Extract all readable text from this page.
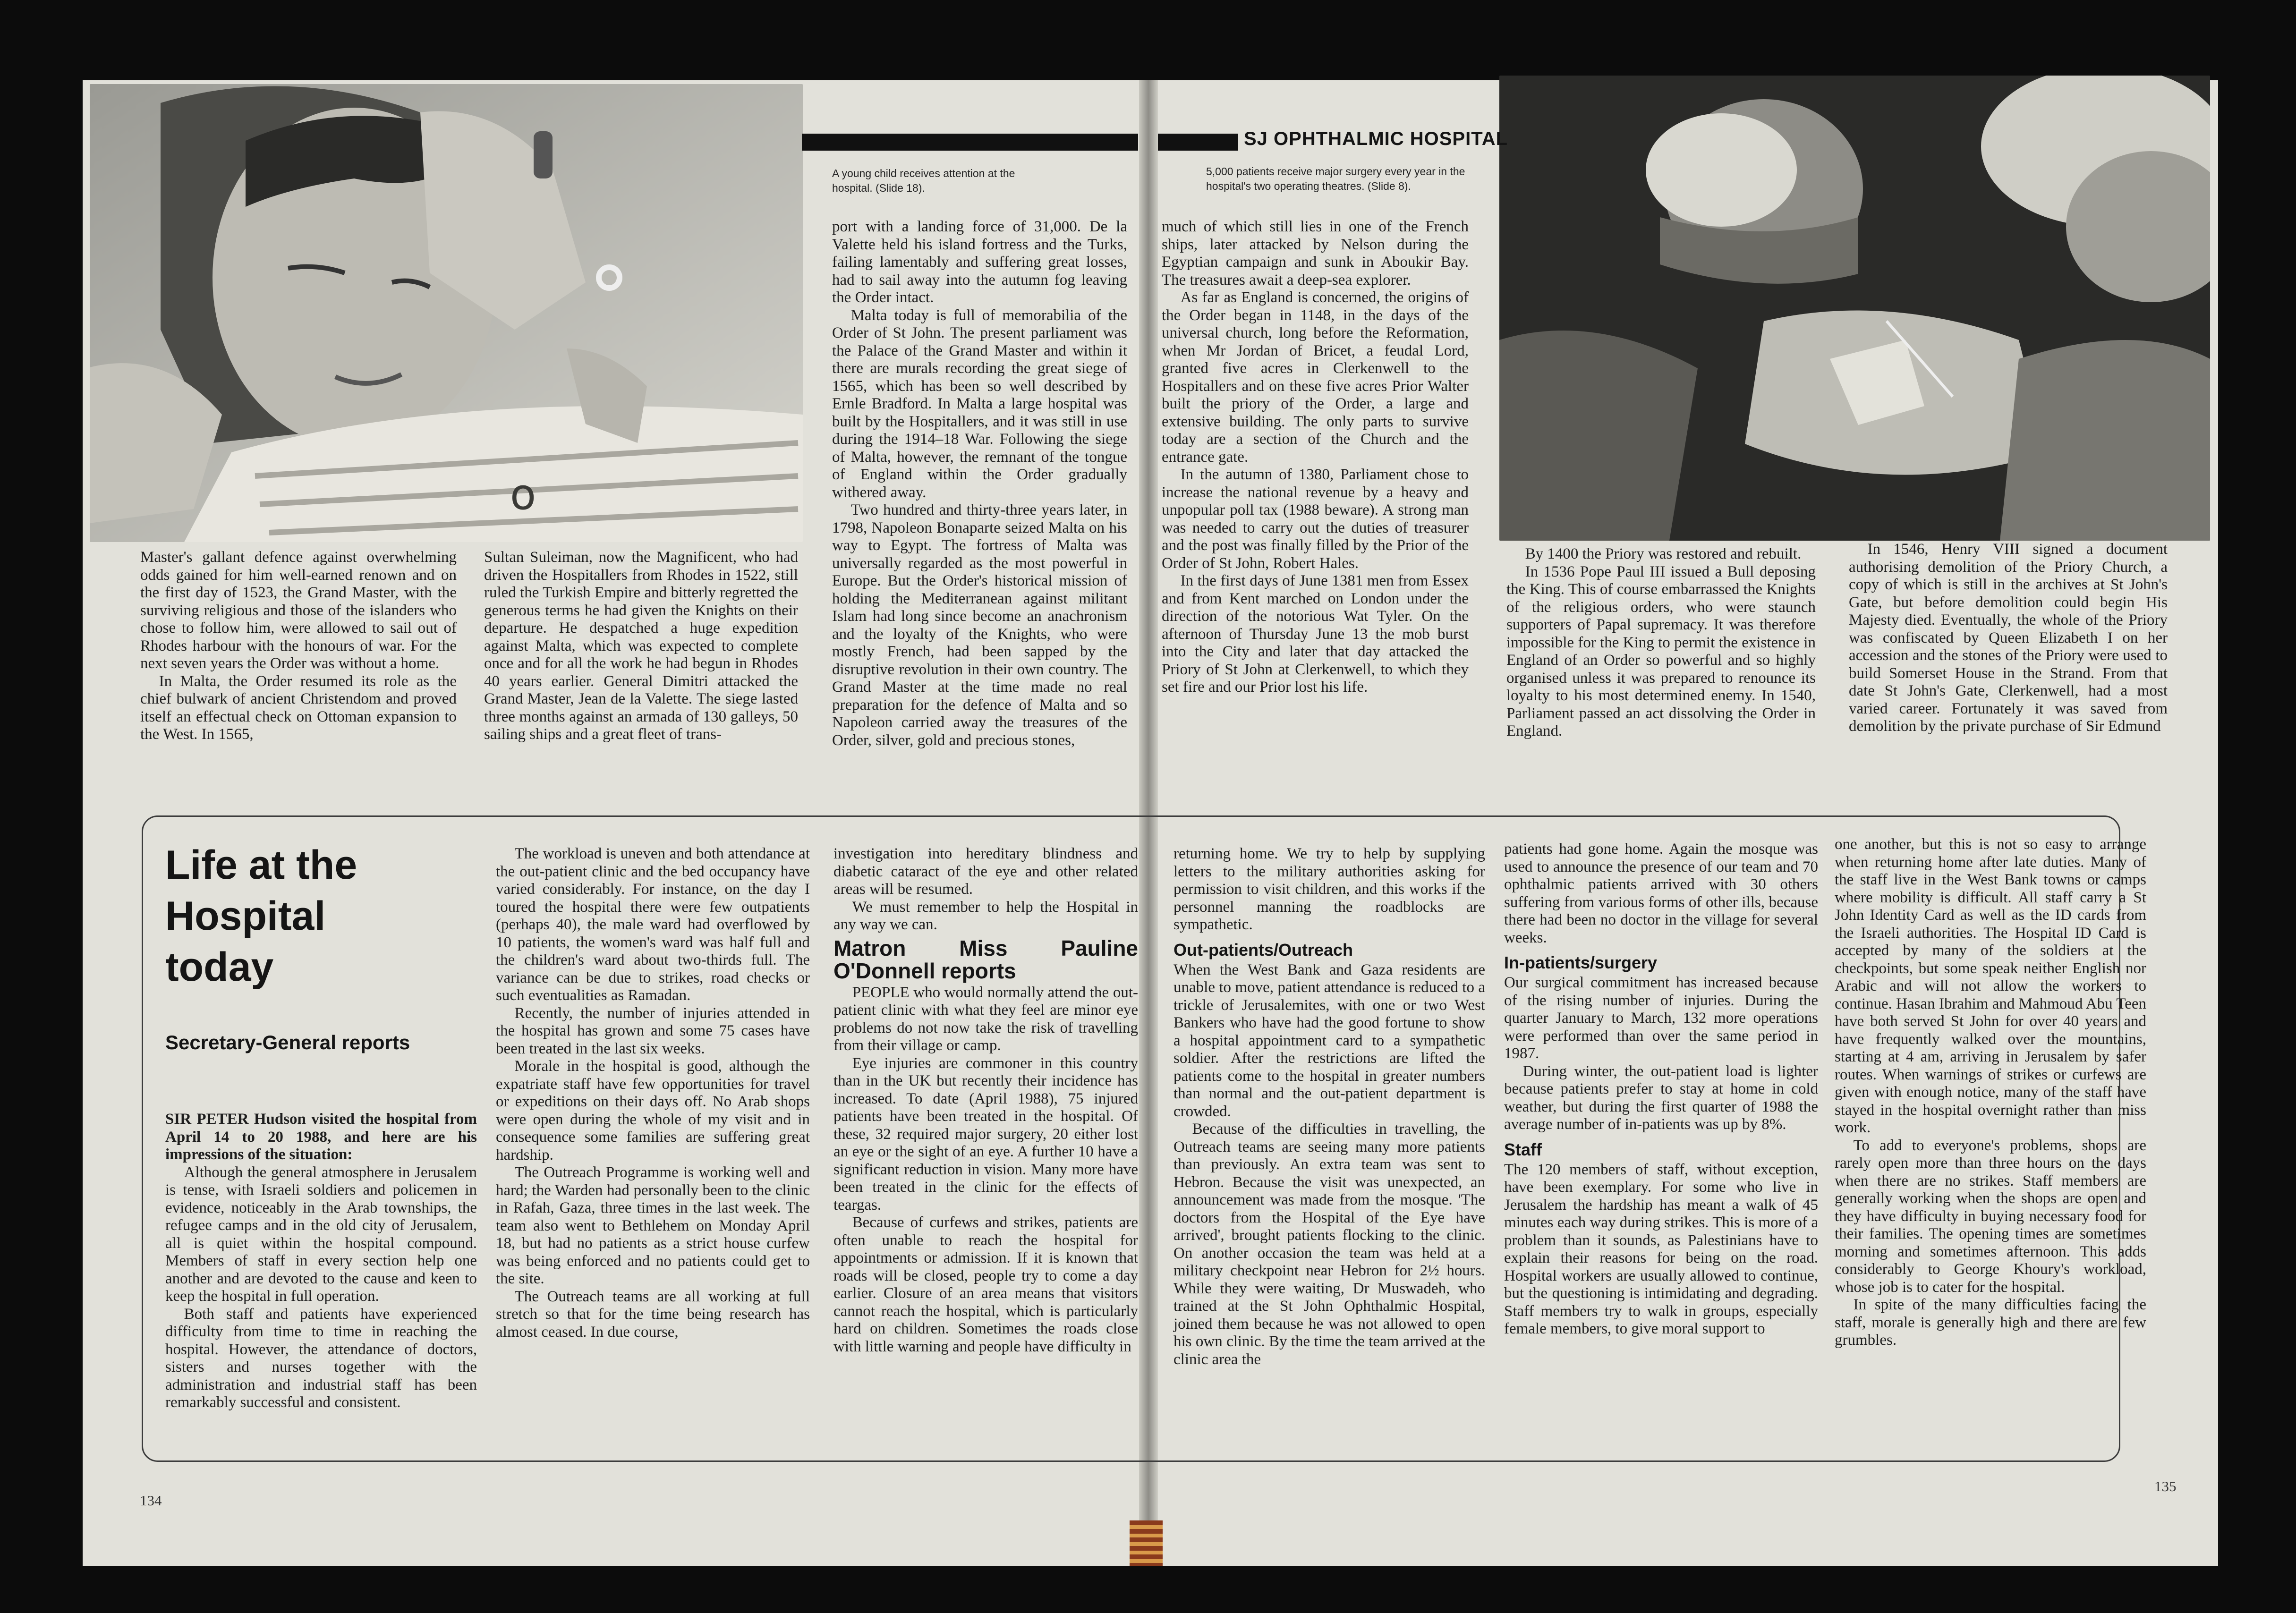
o
A young child receives attention at the hospital. (Slide 18).
SJ OPHTHALMIC HOSPITAL
5,000 patients receive major surgery every year in the hospital's two operating theatres. (Slide 8).

Master's gallant defence against overwhelming odds gained for him well-earned renown and on the first day of 1523, the Grand Master, with the surviving religious and those of the islanders who chose to follow him, were allowed to sail out of Rhodes harbour with the honours of war. For the next seven years the Order was without a home.

In Malta, the Order resumed its role as the chief bulwark of ancient Christendom and proved itself an effectual check on Ottoman expansion to the West. In 1565,

Sultan Suleiman, now the Magnificent, who had driven the Hospitallers from Rhodes in 1522, still ruled the Turkish Empire and bitterly regretted the generous terms he had given the Knights on their departure. He despatched a huge expedition against Malta, which was expected to complete once and for all the work he had begun in Rhodes 40 years earlier. General Dimitri attacked the Grand Master, Jean de la Valette. The siege lasted three months against an armada of 130 galleys, 50 sailing ships and a great fleet of trans-

port with a landing force of 31,000. De la Valette held his island fortress and the Turks, failing lamentably and suffering great losses, had to sail away into the autumn fog leaving the Order intact.

Malta today is full of memorabilia of the Order of St John. The present parliament was the Palace of the Grand Master and within it there are murals recording the great siege of 1565, which has been so well described by Ernle Bradford. In Malta a large hospital was built by the Hospitallers, and it was still in use during the 1914–18 War. Following the siege of Malta, however, the remnant of the tongue of England within the Order gradually withered away.

Two hundred and thirty-three years later, in 1798, Napoleon Bonaparte seized Malta on his way to Egypt. The fortress of Malta was universally regarded as the most powerful in Europe. But the Order's historical mission of holding the Mediterranean against militant Islam had long since become an anachronism and the loyalty of the Knights, who were mostly French, had been sapped by the disruptive revolution in their own country. The Grand Master at the time made no real preparation for the defence of Malta and so Napoleon carried away the treasures of the Order, silver, gold and precious stones,

much of which still lies in one of the French ships, later attacked by Nelson during the Egyptian campaign and sunk in Aboukir Bay. The treasures await a deep-sea explorer.

As far as England is concerned, the origins of the Order began in 1148, in the days of the universal church, long before the Reformation, when Mr Jordan of Bricet, a feudal Lord, granted five acres in Clerkenwell to the Hospitallers and on these five acres Prior Walter built the priory of the Order, a large and extensive building. The only parts to survive today are a section of the Church and the entrance gate.

In the autumn of 1380, Parliament chose to increase the national revenue by a heavy and unpopular poll tax (1988 beware). A strong man was needed to carry out the duties of treasurer and the post was finally filled by the Prior of the Order of St John, Robert Hales.

In the first days of June 1381 men from Essex and from Kent marched on London under the direction of the notorious Wat Tyler. On the afternoon of Thursday June 13 the mob burst into the City and later that day attacked the Priory of St John at Clerkenwell, to which they set fire and our Prior lost his life.

By 1400 the Priory was restored and rebuilt.

In 1536 Pope Paul III issued a Bull deposing the King. This of course embarrassed the Knights of the religious orders, who were staunch supporters of Papal supremacy. It was therefore impossible for the King to permit the existence in England of an Order so powerful and so highly organised unless it was prepared to renounce its loyalty to his most determined enemy. In 1540, Parliament passed an act dissolving the Order in England.

In 1546, Henry VIII signed a document authorising demolition of the Priory Church, a copy of which is still in the archives at St John's Gate, but before demolition could begin His Majesty died. Eventually, the whole of the Priory was confiscated by Queen Elizabeth I on her accession and the stones of the Priory were used to build Somerset House in the Strand. From that date St John's Gate, Clerkenwell, had a most varied career. Fortunately it was saved from demolition by the private purchase of Sir Edmund

Life at the
Hospital
today
Secretary-General reports

SIR PETER Hudson visited the hospital from April 14 to 20 1988, and here are his impressions of the situation:

Although the general atmosphere in Jerusalem is tense, with Israeli soldiers and policemen in evidence, noticeably in the Arab townships, the refugee camps and in the old city of Jerusalem, all is quiet within the hospital compound. Members of staff in every section help one another and are devoted to the cause and keen to keep the hospital in full operation.

Both staff and patients have experienced difficulty from time to time in reaching the hospital. However, the attendance of doctors, sisters and nurses together with the administration and industrial staff has been remarkably successful and consistent.

The workload is uneven and both attendance at the out-patient clinic and the bed occupancy have varied considerably. For instance, on the day I toured the hospital there were few outpatients (perhaps 40), the male ward had overflowed by 10 patients, the women's ward was half full and the children's ward about two-thirds full. The variance can be due to strikes, road checks or such eventualities as Ramadan.

Recently, the number of injuries attended in the hospital has grown and some 75 cases have been treated in the last six weeks.

Morale in the hospital is good, although the expatriate staff have few opportunities for travel or expeditions on their days off. No Arab shops were open during the whole of my visit and in consequence some families are suffering great hardship.

The Outreach Programme is working well and hard; the Warden had personally been to the clinic in Rafah, Gaza, three times in the last week. The team also went to Bethlehem on Monday April 18, but had no patients as a strict house curfew was being enforced and no patients could get to the site.

The Outreach teams are all working at full stretch so that for the time being research has almost ceased. In due course,

investigation into hereditary blindness and diabetic cataract of the eye and other related areas will be resumed.

We must remember to help the Hospital in any way we can.

Matron Miss Pauline O'Donnell reports

PEOPLE who would normally attend the out-patient clinic with what they feel are minor eye problems do not now take the risk of travelling from their village or camp.

Eye injuries are commoner in this country than in the UK but recently their incidence has increased. To date (April 1988), 75 injured patients have been treated in the hospital. Of these, 32 required major surgery, 20 either lost an eye or the sight of an eye. A further 10 have a significant reduction in vision. Many more have been treated in the clinic for the effects of teargas.

Because of curfews and strikes, patients are often unable to reach the hospital for appointments or admission. If it is known that roads will be closed, people try to come a day earlier. Closure of an area means that visitors cannot reach the hospital, which is particularly hard on children. Sometimes the roads close with little warning and people have difficulty in

returning home. We try to help by supplying letters to the military authorities asking for permission to visit children, and this works if the personnel manning the roadblocks are sympathetic.

Out-patients/Outreach

When the West Bank and Gaza residents are unable to move, patient attendance is reduced to a trickle of Jerusalemites, with one or two West Bankers who have had the good fortune to show a hospital appointment card to a sympathetic soldier. After the restrictions are lifted the patients come to the hospital in greater numbers than normal and the out-patient department is crowded.

Because of the difficulties in travelling, the Outreach teams are seeing many more patients than previously. An extra team was sent to Hebron. Because the visit was unexpected, an announcement was made from the mosque. 'The doctors from the Hospital of the Eye have arrived', brought patients flocking to the clinic. On another occasion the team was held at a military checkpoint near Hebron for 2½ hours. While they were waiting, Dr Muswadeh, who trained at the St John Ophthalmic Hospital, joined them because he was not allowed to open his own clinic. By the time the team arrived at the clinic area the

patients had gone home. Again the mosque was used to announce the presence of our team and 70 ophthalmic patients arrived with 30 others suffering from various forms of other ills, because there had been no doctor in the village for several weeks.

In-patients/surgery

Our surgical commitment has increased because of the rising number of injuries. During the quarter January to March, 132 more operations were performed than over the same period in 1987.

During winter, the out-patient load is lighter because patients prefer to stay at home in cold weather, but during the first quarter of 1988 the average number of in-patients was up by 8%.

Staff

The 120 members of staff, without exception, have been exemplary. For some who live in Jerusalem the hardship has meant a walk of 45 minutes each way during strikes. This is more of a problem than it sounds, as Palestinians have to explain their reasons for being on the road. Hospital workers are usually allowed to continue, but the questioning is intimidating and degrading. Staff members try to walk in groups, especially female members, to give moral support to

one another, but this is not so easy to arrange when returning home after late duties. Many of the staff live in the West Bank towns or camps where mobility is difficult. All staff carry a St John Identity Card as well as the ID cards from the Israeli authorities. The Hospital ID Card is accepted by many of the soldiers at the checkpoints, but some speak neither English nor Arabic and will not allow the workers to continue. Hasan Ibrahim and Mahmoud Abu Teen have both served St John for over 40 years and have frequently walked over the mountains, starting at 4 am, arriving in Jerusalem by safer routes. When warnings of strikes or curfews are given with enough notice, many of the staff have stayed in the hospital overnight rather than miss work.

To add to everyone's problems, shops are rarely open more than three hours on the days when there are no strikes. Staff members are generally working when the shops are open and they have difficulty in buying necessary food for their families. The opening times are sometimes morning and sometimes afternoon. This adds considerably to George Khoury's workload, whose job is to cater for the hospital.

In spite of the many difficulties facing the staff, morale is generally high and there are few grumbles.

134
135
